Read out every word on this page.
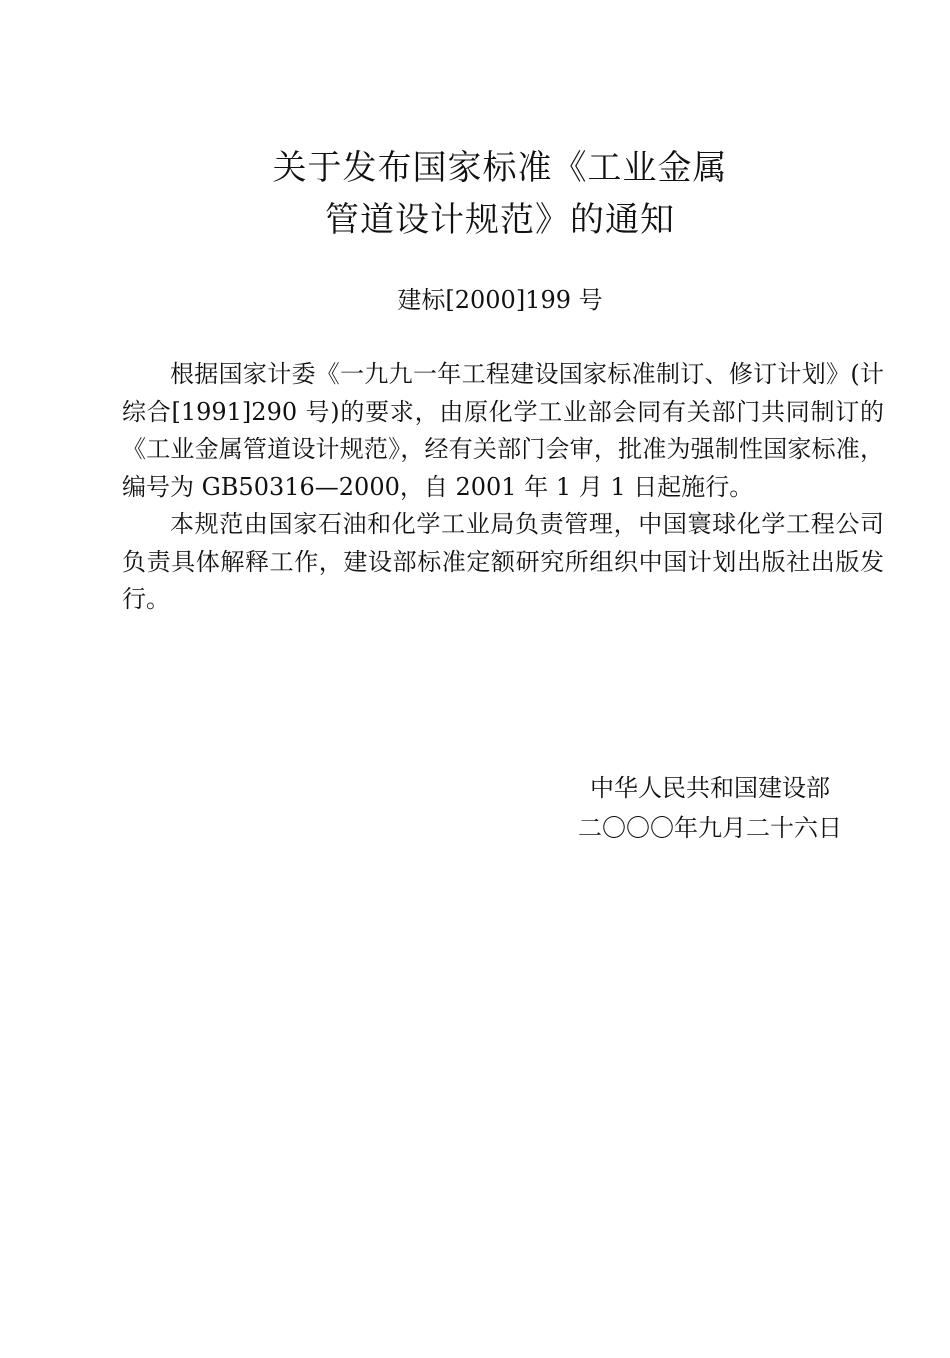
关于发布国家标准《工业金属
管道设计规范》的通知
建标[2000]199 号

根据国家计委《一九九一年工程建设国家标准制订、修订计划》(计综合[1991]290 号)的要求，由原化学工业部会同有关部门共同制订的《工业金属管道设计规范》，经有关部门会审，批准为强制性国家标准，编号为 GB50316—2000，自 2001 年 1 月 1 日起施行。

本规范由国家石油和化学工业局负责管理，中国寰球化学工程公司负责具体解释工作，建设部标准定额研究所组织中国计划出版社出版发行。

中华人民共和国建设部
二〇〇〇年九月二十六日
